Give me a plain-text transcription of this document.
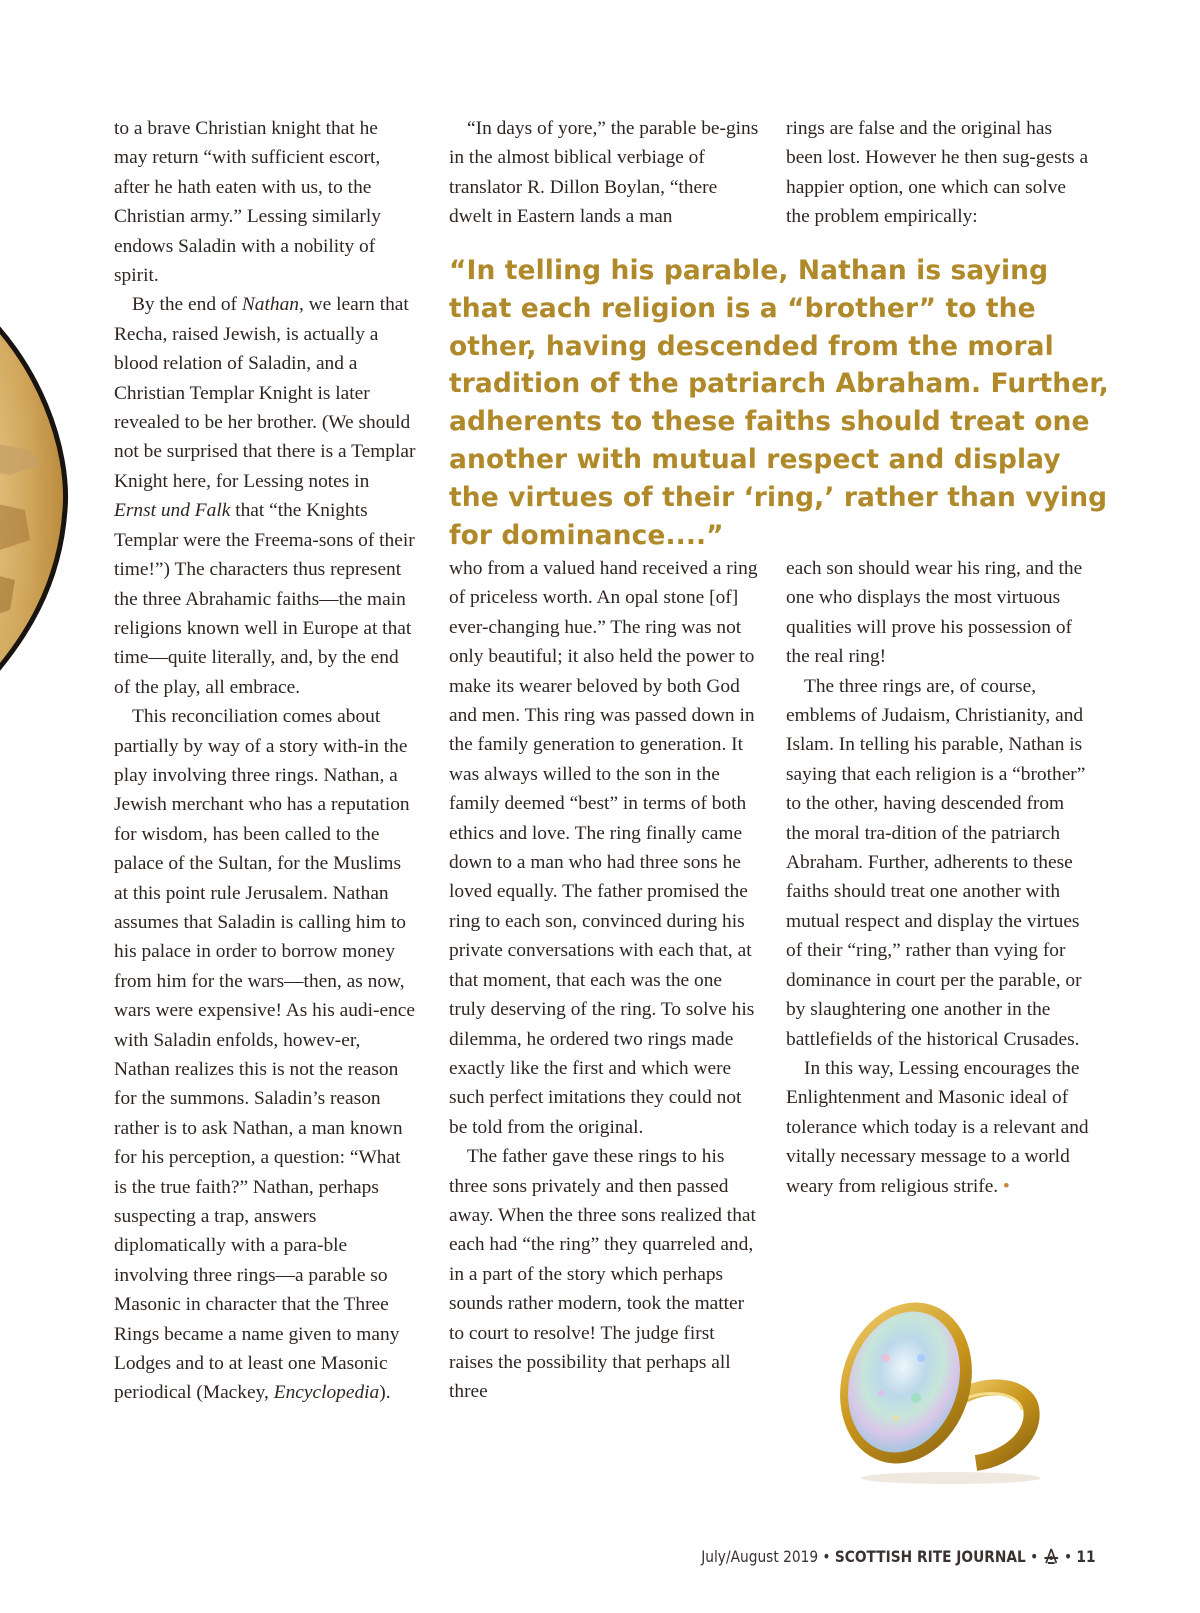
to a brave Christian knight that he may return “with sufficient escort, after he hath eaten with us, to the Christian army.” Lessing similarly endows Saladin with a nobility of spirit.

By the end of Nathan, we learn that Recha, raised Jewish, is actually a blood relation of Saladin, and a Christian Templar Knight is later revealed to be her brother. (We should not be surprised that there is a Templar Knight here, for Lessing notes in Ernst und Falk that “the Knights Templar were the Freema-sons of their time!”) The characters thus represent the three Abrahamic faiths—the main religions known well in Europe at that time—quite literally, and, by the end of the play, all embrace.

This reconciliation comes about partially by way of a story with-in the play involving three rings. Nathan, a Jewish merchant who has a reputation for wisdom, has been called to the palace of the Sultan, for the Muslims at this point rule Jerusalem. Nathan assumes that Saladin is calling him to his palace in order to borrow money from him for the wars—then, as now, wars were expensive! As his audi-ence with Saladin enfolds, howev-er, Nathan realizes this is not the reason for the summons. Saladin’s reason rather is to ask Nathan, a man known for his perception, a question: “What is the true faith?” Nathan, perhaps suspecting a trap, answers diplomatically with a para-ble involving three rings—a parable so Masonic in character that the Three Rings became a name given to many Lodges and to at least one Masonic periodical (Mackey, Encyclopedia).

“In days of yore,” the parable be-gins in the almost biblical verbiage of translator R. Dillon Boylan, “there dwelt in Eastern lands a man

rings are false and the original has been lost. However he then sug-gests a happier option, one which can solve the problem empirically:

“In telling his parable, Nathan is saying that each religion is a “brother” to the other, having descended from the moral tradition of the patriarch Abraham. Further, adherents to these faiths should treat one another with mutual respect and display the virtues of their ‘ring,’ rather than vying for dominance....”

who from a valued hand received a ring of priceless worth. An opal stone [of] ever-changing hue.” The ring was not only beautiful; it also held the power to make its wearer beloved by both God and men. This ring was passed down in the family generation to generation. It was always willed to the son in the family deemed “best” in terms of both ethics and love. The ring finally came down to a man who had three sons he loved equally. The father promised the ring to each son, convinced during his private conversations with each that, at that moment, that each was the one truly deserving of the ring. To solve his dilemma, he ordered two rings made exactly like the first and which were such perfect imitations they could not be told from the original.

The father gave these rings to his three sons privately and then passed away. When the three sons realized that each had “the ring” they quarreled and, in a part of the story which perhaps sounds rather modern, took the matter to court to resolve! The judge first raises the possibility that perhaps all three

each son should wear his ring, and the one who displays the most virtuous qualities will prove his possession of the real ring!

The three rings are, of course, emblems of Judaism, Christianity, and Islam. In telling his parable, Nathan is saying that each religion is a “brother” to the other, having descended from the moral tra-dition of the patriarch Abraham. Further, adherents to these faiths should treat one another with mutual respect and display the virtues of their “ring,” rather than vying for dominance in court per the parable, or by slaughtering one another in the battlefields of the historical Crusades.

In this way, Lessing encourages the Enlightenment and Masonic ideal of tolerance which today is a relevant and vitally necessary message to a world weary from religious strife. •

July/August 2019 • SCOTTISH RITE JOURNAL • • 11
